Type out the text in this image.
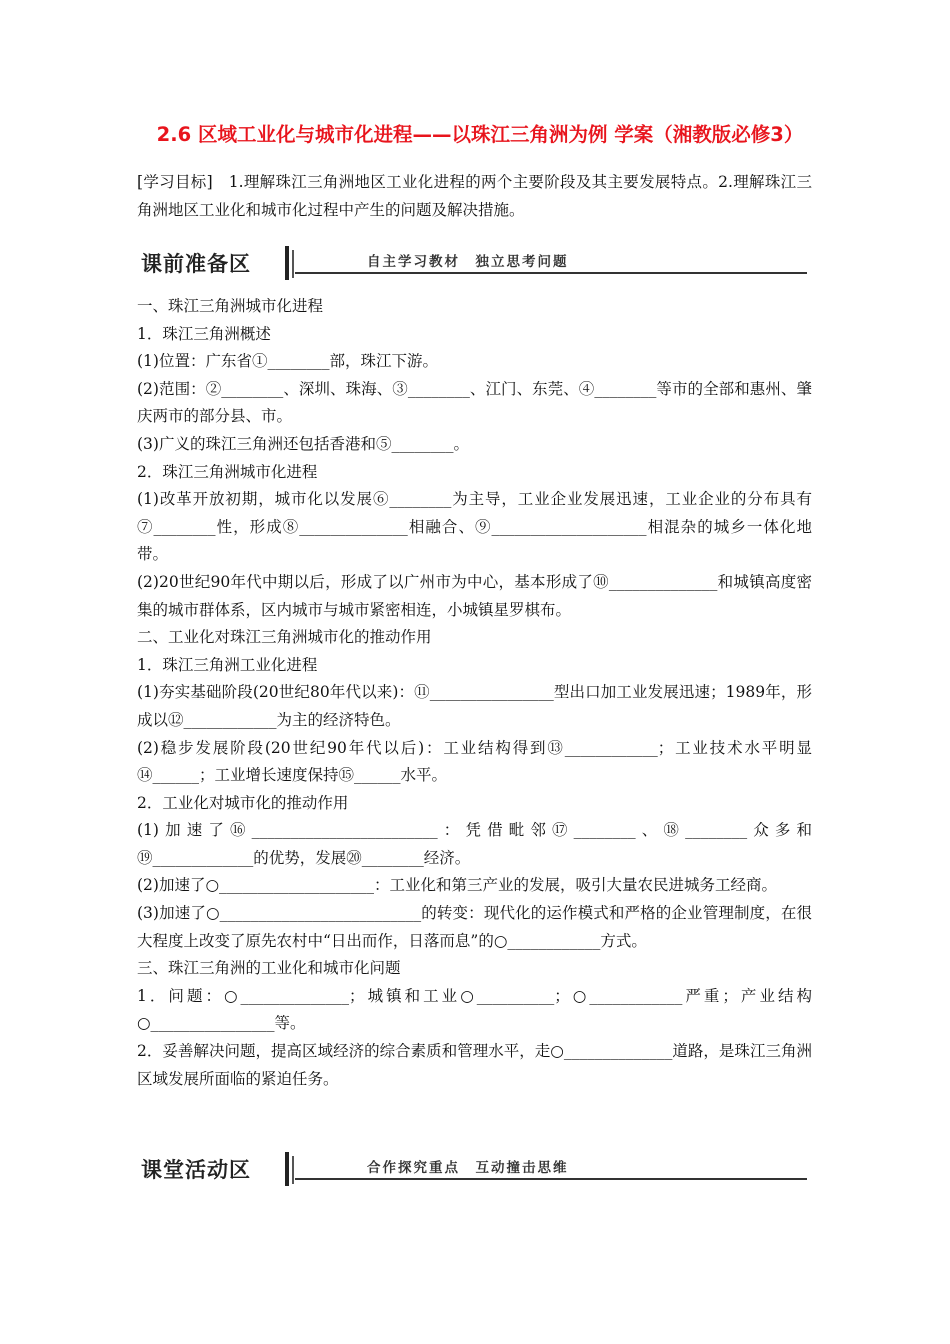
2.6 区域工业化与城市化进程——以珠江三角洲为例 学案（湘教版必修3）
[学习目标]　1.理解珠江三角洲地区工业化进程的两个主要阶段及其主要发展特点。2.理解珠江三角洲地区工业化和城市化过程中产生的问题及解决措施。
课前准备区	自主学习教材　独立思考问题

一、珠江三角洲城市化进程

1．珠江三角洲概述

(1)位置：广东省①________部，珠江下游。

(2)范围：②________、深圳、珠海、③________、江门、东莞、④________等市的全部和惠州、肇庆两市的部分县、市。

(3)广义的珠江三角洲还包括香港和⑤________。

2．珠江三角洲城市化进程

(1)改革开放初期，城市化以发展⑥________为主导，工业企业发展迅速，工业企业的分布具有⑦________性，形成⑧______________相融合、⑨____________________相混杂的城乡一体化地带。

(2)20世纪90年代中期以后，形成了以广州市为中心，基本形成了⑩______________和城镇高度密集的城市群体系，区内城市与城市紧密相连，小城镇星罗棋布。

二、工业化对珠江三角洲城市化的推动作用

1．珠江三角洲工业化进程

(1)夯实基础阶段(20世纪80年代以来)：⑪________________型出口加工业发展迅速；1989年，形成以⑫____________为主的经济特色。

(2)稳步发展阶段(20世纪90年代以后)：工业结构得到⑬____________；工业技术水平明显⑭______；工业增长速度保持⑮______水平。

2．工业化对城市化的推动作用

(1)加速了⑯________________________：凭借毗邻⑰________、⑱________众多和⑲_____________的优势，发展⑳________经济。

(2)加速了○____________________：工业化和第三产业的发展，吸引大量农民进城务工经商。

(3)加速了○__________________________的转变：现代化的运作模式和严格的企业管理制度，在很大程度上改变了原先农村中“日出而作，日落而息”的○____________方式。

三、珠江三角洲的工业化和城市化问题

1．问题：○______________；城镇和工业○__________；○____________严重；产业结构○________________等。

2．妥善解决问题，提高区域经济的综合素质和管理水平，走○______________道路，是珠江三角洲区域发展所面临的紧迫任务。

课堂活动区	合作探究重点　互动撞击思维
